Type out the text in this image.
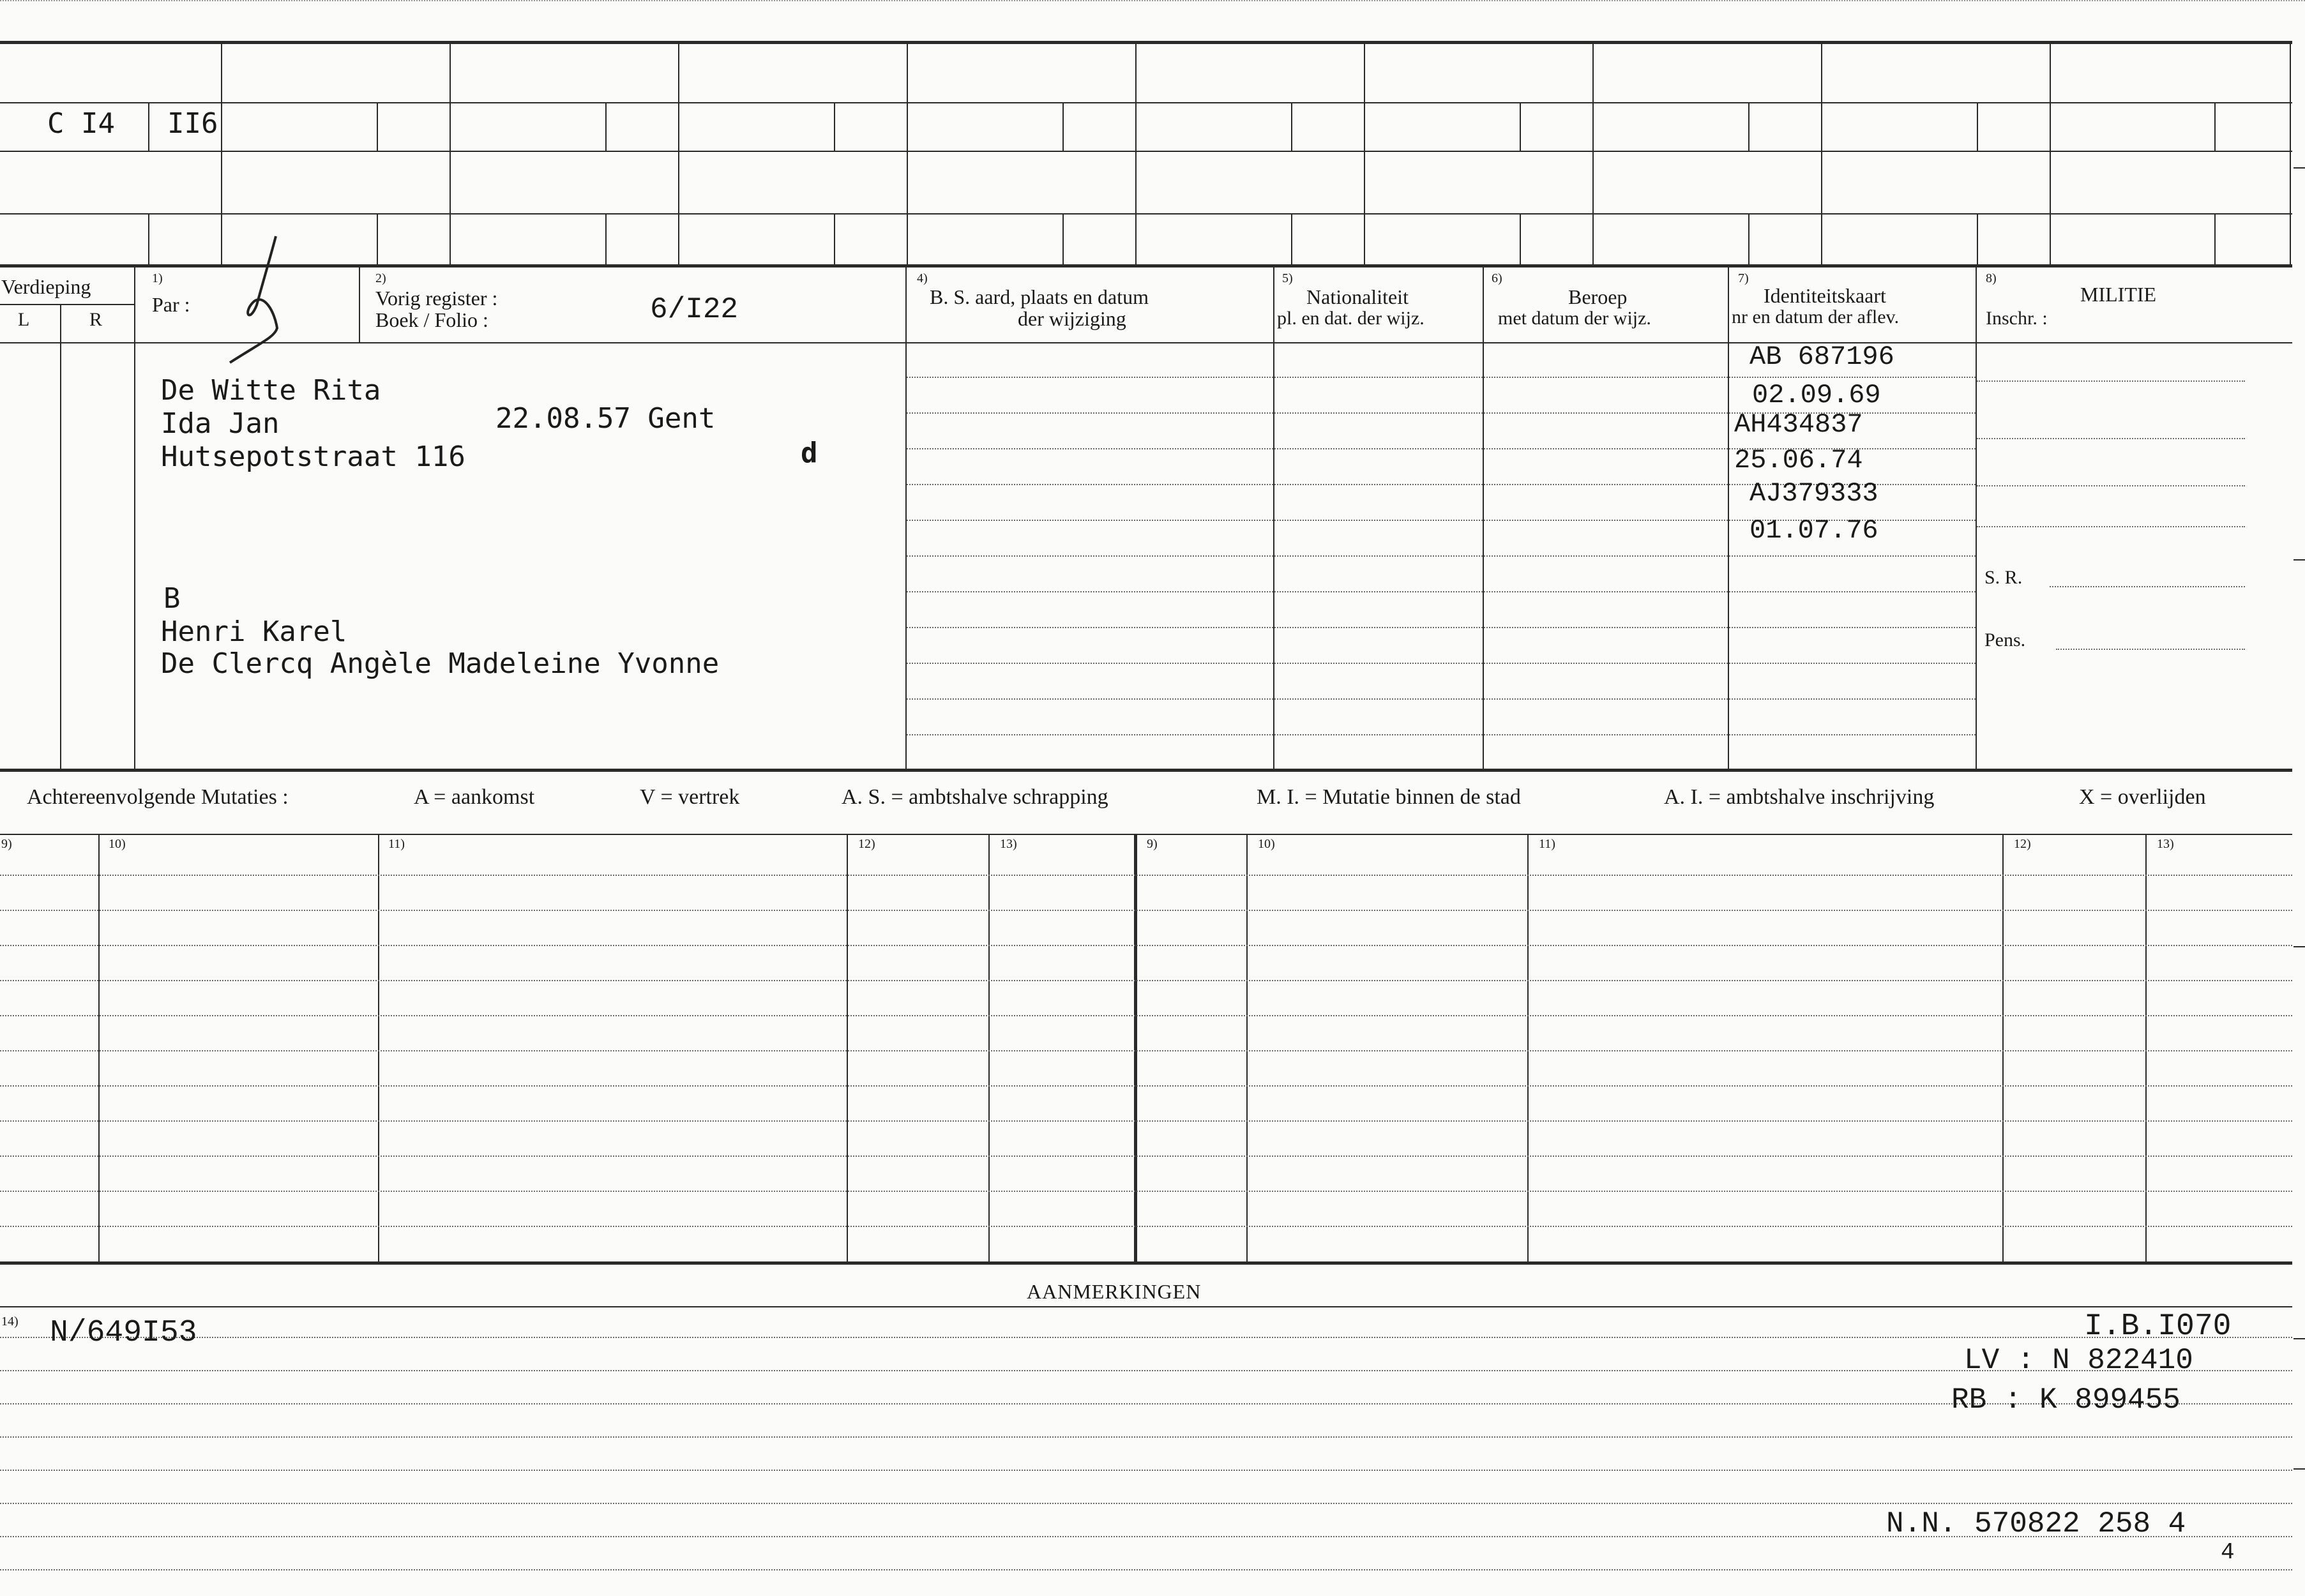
C I4 II6
Verdieping
L	R
1)
Par :
2)
Vorig register :
Boek / Folio :	6/I22
4)
B. S. aard, plaats en datum
der wijziging
5)
Nationaliteit
pl. en dat. der wijz.
6)
Beroep
met datum der wijz.
7)
Identiteitskaart
nr en datum der aflev.
8)
MILITIE
Inschr. :
S. R.
Pens.
De Witte Rita
Ida Jan	22.08.57 Gent
Hutsepotstraat 116	d
B
Henri Karel
De Clercq Angèle Madeleine Yvonne
AB 687196
02.09.69
AH434837
25.06.74
AJ379333
01.07.76
Achtereenvolgende Mutaties :	A = aankomst	V = vertrek	A. S. = ambtshalve schrapping	M. I. = Mutatie binnen de stad	A. I. = ambtshalve inschrijving	X = overlijden
9)	10)	11)	12)	13)	9)	10)	11)	12)	13)
AANMERKINGEN
14) N/649I53	I.B.I070
LV : N 822410
RB : K 899455
N.N. 570822 258 4
4
